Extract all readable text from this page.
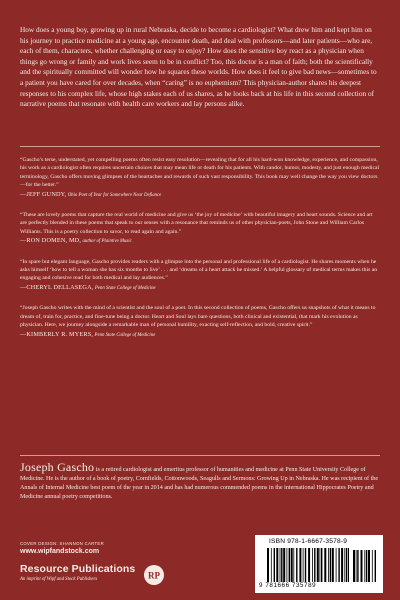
How does a young boy, growing up in rural Nebraska, decide to become a cardiologist? What drew him and kept him on his journey to practice medicine at a young age, encounter death, and deal with professors—and later patients—who are, each of them, characters, whether challenging or easy to enjoy? How does the sensitive boy react as a physician when things go wrong or family and work lives seem to be in conflict? Too, this doctor is a man of faith; both the scientifically and the spiritually committed will wonder how he squares these worlds. How does it feel to give bad news—sometimes to a patient you have cared for over decades, when “caring” is no euphemism? This physician-author shares his deepest responses to his complex life, whose high stakes each of us shares, as he looks back at his life in this second collection of narrative poems that resonate with health care workers and lay persons alike.

“Gascho’s terse, understated, yet compelling poems often resist easy resolution—revealing that for all his hard-won knowledge, experience, and compassion, his work as a cardiologist often requires uncertain choices that may mean life or death for his patients. With candor, humor, modesty, and just enough medical terminology, Gascho offers moving glimpses of the heartaches and rewards of such vast responsibility. This book may well change the way you view doctors—for the better.”
—JEFF GUNDY, Ohio Poet of Year for Somewhere Near Defiance
“These are lovely poems that capture the real world of medicine and give us ‘the joy of medicine’ with beautiful imagery and heart sounds. Science and art are perfectly blended in these poems that speak to our senses with a resonance that reminds us of other physician-poets, John Stone and William Carlos Williams. This is a poetry collection to savor, to read again and again.”
—RON DOMEN, MD, author of Plaintive Music
“In spare but elegant language, Gascho provides readers with a glimpse into the personal and professional life of a cardiologist. He shares moments when he asks himself ‘how to tell a woman she has six months to live’ . . . and ‘dreams of a heart attack he missed.’ A helpful glossary of medical terms makes this an engaging and cohesive read for both medical and lay audiences.”
—CHERYL DELLASEGA, Penn State College of Medicine
“Joseph Gascho writes with the mind of a scientist and the soul of a poet. In this second collection of poems, Gascho offers us snapshots of what it means to dream of, train for, practice, and fine-tune being a doctor. Heart and Soul lays bare questions, both clinical and existential, that mark his evolution as physician. Here, we journey alongside a remarkable man of personal humility, exacting self-reflection, and bold, creative spirit.”
—KIMBERLY R. MYERS, Penn State College of Medicine

Joseph Gascho is a retired cardiologist and emeritus professor of humanities and medicine at Penn State University College of Medicine. He is the author of a book of poetry, Cornfields, Cottonwoods, Seagulls and Sermons: Growing Up in Nebraska. He was recipient of the Annals of Internal Medicine best poem of the year in 2014 and has had numerous commended poems in the international Hippocrates Poetry and Medicine annual poetry competitions.

COVER DESIGN: SHANNON CARTER
www.wipfandstock.com
Resource Publications
An imprint of Wipf and Stock Publishers	RP
ISBN 978-1-6667-3578-9
9 781666 735789
